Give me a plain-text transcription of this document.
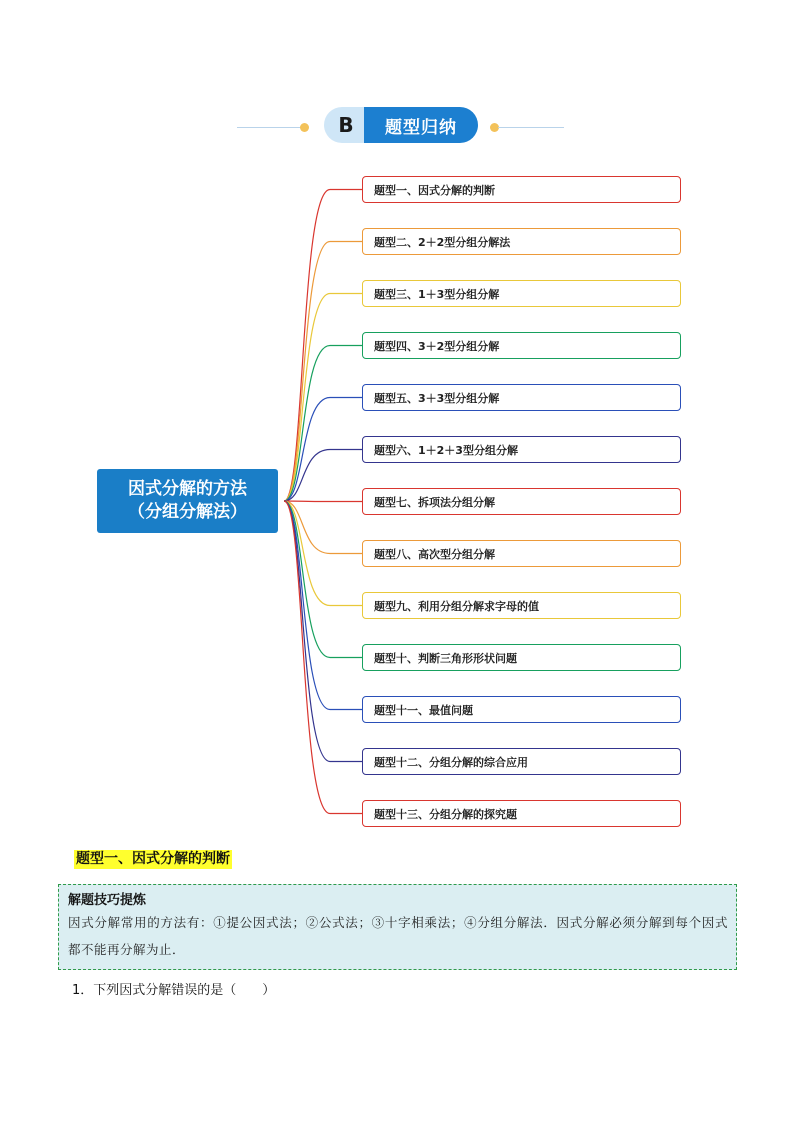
B	题型归纳
因式分解的方法
（分组分解法）
题型一、因式分解的判断
题型二、2＋2型分组分解法
题型三、1＋3型分组分解
题型四、3＋2型分组分解
题型五、3＋3型分组分解
题型六、1＋2＋3型分组分解
题型七、拆项法分组分解
题型八、高次型分组分解
题型九、利用分组分解求字母的值
题型十、判断三角形形状问题
题型十一、最值问题
题型十二、分组分解的综合应用
题型十三、分组分解的探究题
题型一、因式分解的判断
解题技巧提炼
因式分解常用的方法有：①提公因式法；②公式法；③十字相乘法；④分组分解法．因式分解必须分解到每个因式都不能再分解为止．
1．下列因式分解错误的是（　　）
